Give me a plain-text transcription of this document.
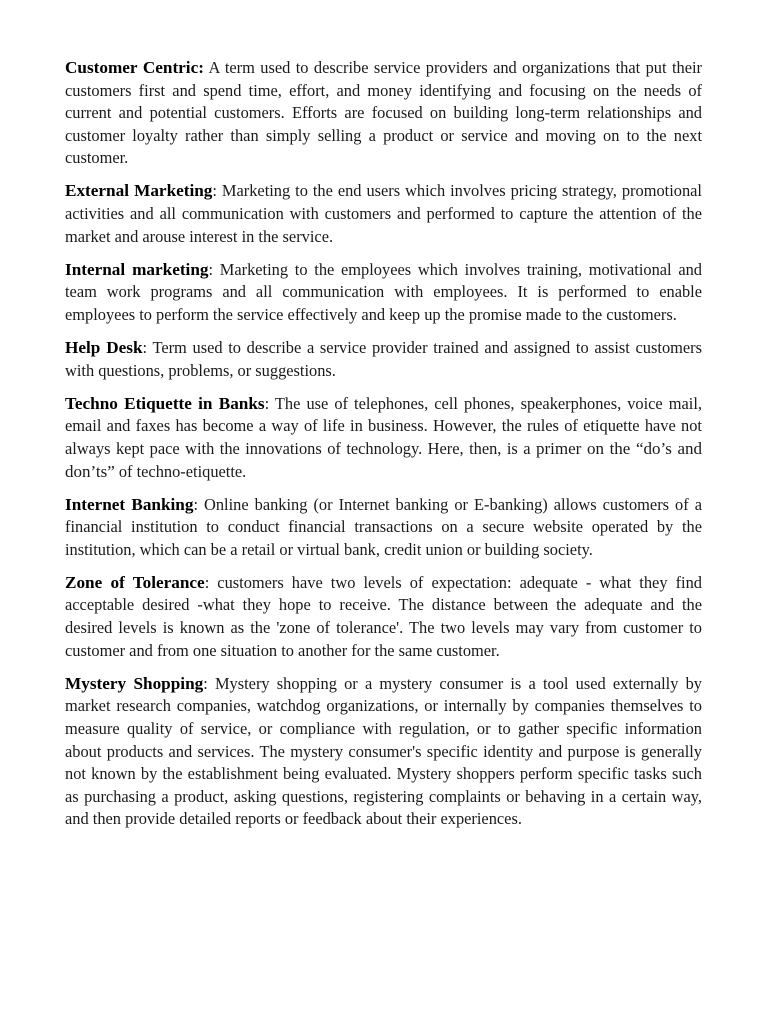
Customer Centric: A term used to describe service providers and organizations that put their customers first and spend time, effort, and money identifying and focusing on the needs of current and potential customers. Efforts are focused on building long-term relationships and customer loyalty rather than simply selling a product or service and moving on to the next customer.

External Marketing: Marketing to the end users which involves pricing strategy, promotional activities and all communication with customers and performed to capture the attention of the market and arouse interest in the service.

Internal marketing: Marketing to the employees which involves training, motivational and team work programs and all communication with employees. It is performed to enable employees to perform the service effectively and keep up the promise made to the customers.

Help Desk: Term used to describe a service provider trained and assigned to assist customers with questions, problems, or suggestions.

Techno Etiquette in Banks: The use of telephones, cell phones, speakerphones, voice mail, email and faxes has become a way of life in business. However, the rules of etiquette have not always kept pace with the innovations of technology. Here, then, is a primer on the “do’s and don’ts” of techno-etiquette.

Internet Banking: Online banking (or Internet banking or E-banking) allows customers of a financial institution to conduct financial transactions on a secure website operated by the institution, which can be a retail or virtual bank, credit union or building society.

Zone of Tolerance: customers have two levels of expectation: adequate - what they find acceptable desired -what they hope to receive. The distance between the adequate and the desired levels is known as the 'zone of tolerance'. The two levels may vary from customer to customer and from one situation to another for the same customer.

Mystery Shopping: Mystery shopping or a mystery consumer is a tool used externally by market research companies, watchdog organizations, or internally by companies themselves to measure quality of service, or compliance with regulation, or to gather specific information about products and services. The mystery consumer's specific identity and purpose is generally not known by the establishment being evaluated. Mystery shoppers perform specific tasks such as purchasing a product, asking questions, registering complaints or behaving in a certain way, and then provide detailed reports or feedback about their experiences.
